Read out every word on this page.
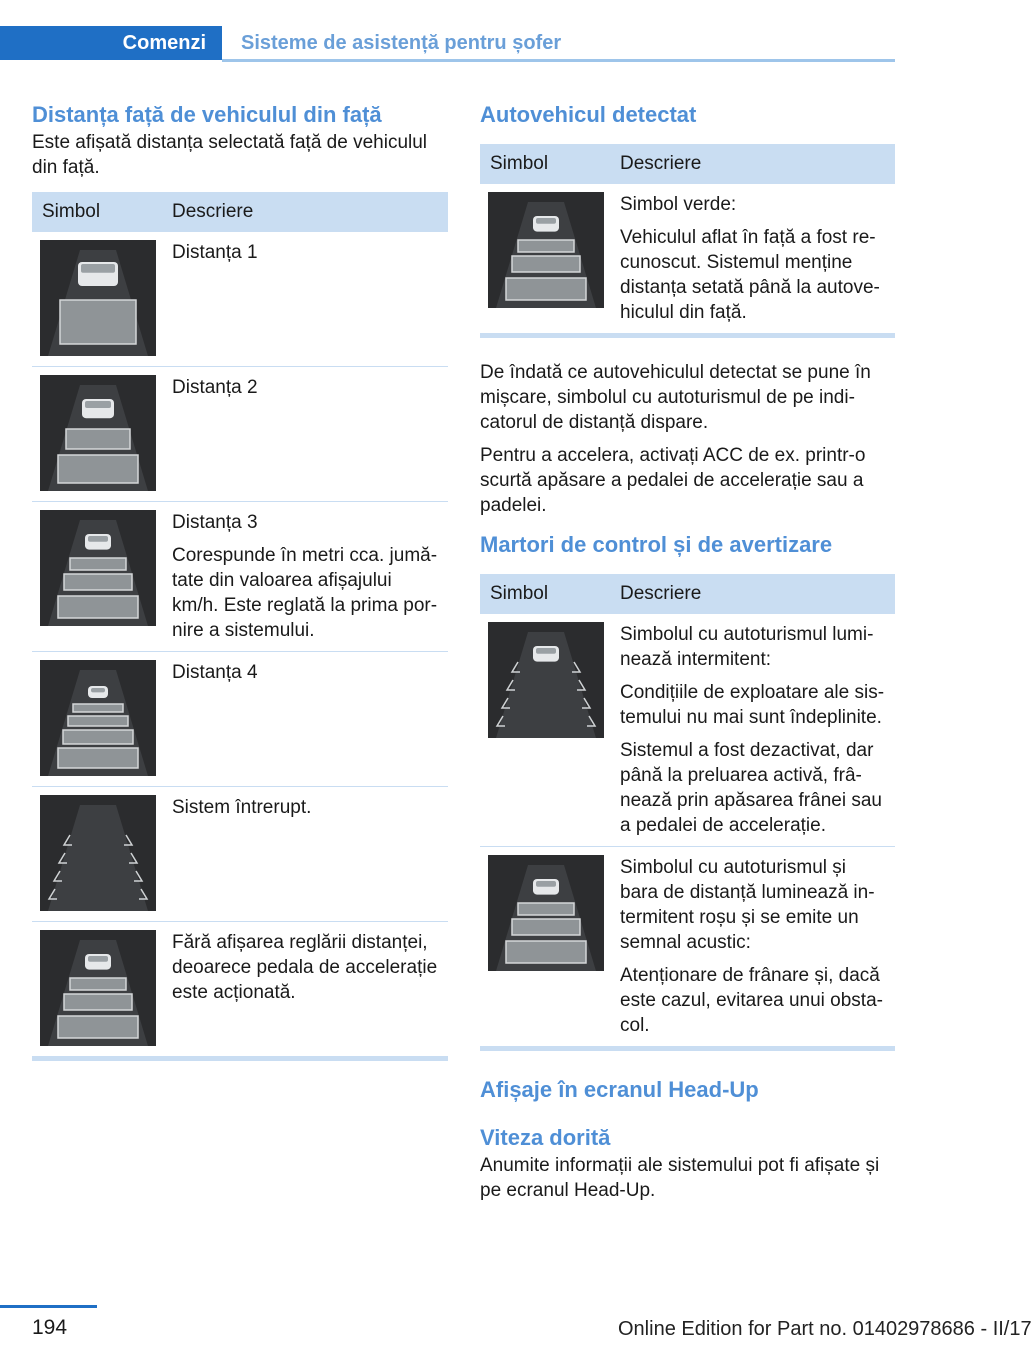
Comenzi	Sisteme de asistență pentru șofer
Distanța față de vehiculul din față

Este afișată distanța selectată față de vehiculul din față.

Simbol	Descriere

Distanța 1

Distanța 2

Distanța 3
Corespunde în metri cca. jumătate din valoarea afișajului km/h. Este reglată la prima pornire a sistemului.

Distanța 4

Sistem întrerupt.

Fără afișarea reglării distanței, deoarece pedala de accelerație este acționată.
Autovehicul detectat
Simbol	Descriere

Simbol verde:
Vehiculul aflat în față a fost recunoscut. Sistemul menține distanța setată până la autovehiculul din față.

De îndată ce autovehiculul detectat se pune în mișcare, simbolul cu autoturismul de pe indicatorul de distanță dispare.

Pentru a accelera, activați ACC de ex. printr-o scurtă apăsare a pedalei de accelerație sau a padelei.

Martori de control și de avertizare
Simbol	Descriere

Simbolul cu autoturismul luminează intermitent:
Condițiile de exploatare ale sistemului nu mai sunt îndeplinite.
Sistemul a fost dezactivat, dar până la preluarea activă, frânează prin apăsarea frânei sau a pedalei de accelerație.

Simbolul cu autoturismul și bara de distanță luminează intermitent roșu și se emite un semnal acustic:
Atenționare de frânare și, dacă este cazul, evitarea unui obstacol.
Afișaje în ecranul Head-Up
Viteza dorită

Anumite informații ale sistemului pot fi afișate și pe ecranul Head-Up.

194	Online Edition for Part no. 01402978686 - II/17
